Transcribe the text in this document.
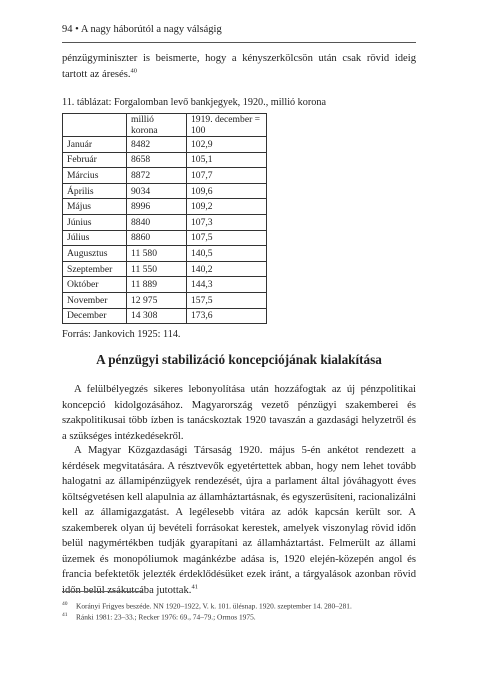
94 • A nagy háborútól a nagy válságig

pénzügyminiszter is beismerte, hogy a kényszerkölcsön után csak rövid ideig tartott az áresés.$^{40}$

11. táblázat: Forgalomban levő bankjegyek, 1920., millió korona
	millió korona	1919. december = 100
Január	8482	102,9
Február	8658	105,1
Március	8872	107,7
Április	9034	109,6
Május	8996	109,2
Június	8840	107,3
Július	8860	107,5
Augusztus	11 580	140,5
Szeptember	11 550	140,2
Október	11 889	144,3
November	12 975	157,5
December	14 308	173,6
Forrás: Jankovich 1925: 114.
A pénzügyi stabilizáció koncepciójának kialakítása

A felülbélyegzés sikeres lebonyolítása után hozzáfogtak az új pénzpolitikai koncepció kidolgozásához. Magyarország vezető pénzügyi szakemberei és szakpolitikusai több ízben is tanácskoztak 1920 tavaszán a gazdasági helyzetről és a szükséges intézkedésekről.

A Magyar Közgazdasági Társaság 1920. május 5-én ankétot rendezett a kérdések megvitatására. A résztvevők egyetértettek abban, hogy nem lehet tovább halogatni az államipénzügyek rendezését, újra a parlament által jóváhagyott éves költségvetésen kell alapulnia az államháztartásnak, és egyszerűsíteni, racionalizálni kell az államigazgatást. A legélesebb vitára az adók kapcsán került sor. A szakemberek olyan új bevételi forrásokat kerestek, amelyek viszonylag rövid időn belül nagymértékben tudják gyarapítani az államháztartást. Felmerült az állami üzemek és monopóliumok magánkézbe adása is, 1920 elején-közepén angol és francia befektetők jelezték érdeklődésüket ezek iránt, a tárgyalások azonban rövid időn belül zsákutcába jutottak.$^{41}$

40 Korányi Frigyes beszéde. NN 1920–1922, V. k. 101. ülésnap. 1920. szeptember 14. 280–281.
41 Ránki 1981: 23–33.; Recker 1976: 69., 74–79.; Ormos 1975.
